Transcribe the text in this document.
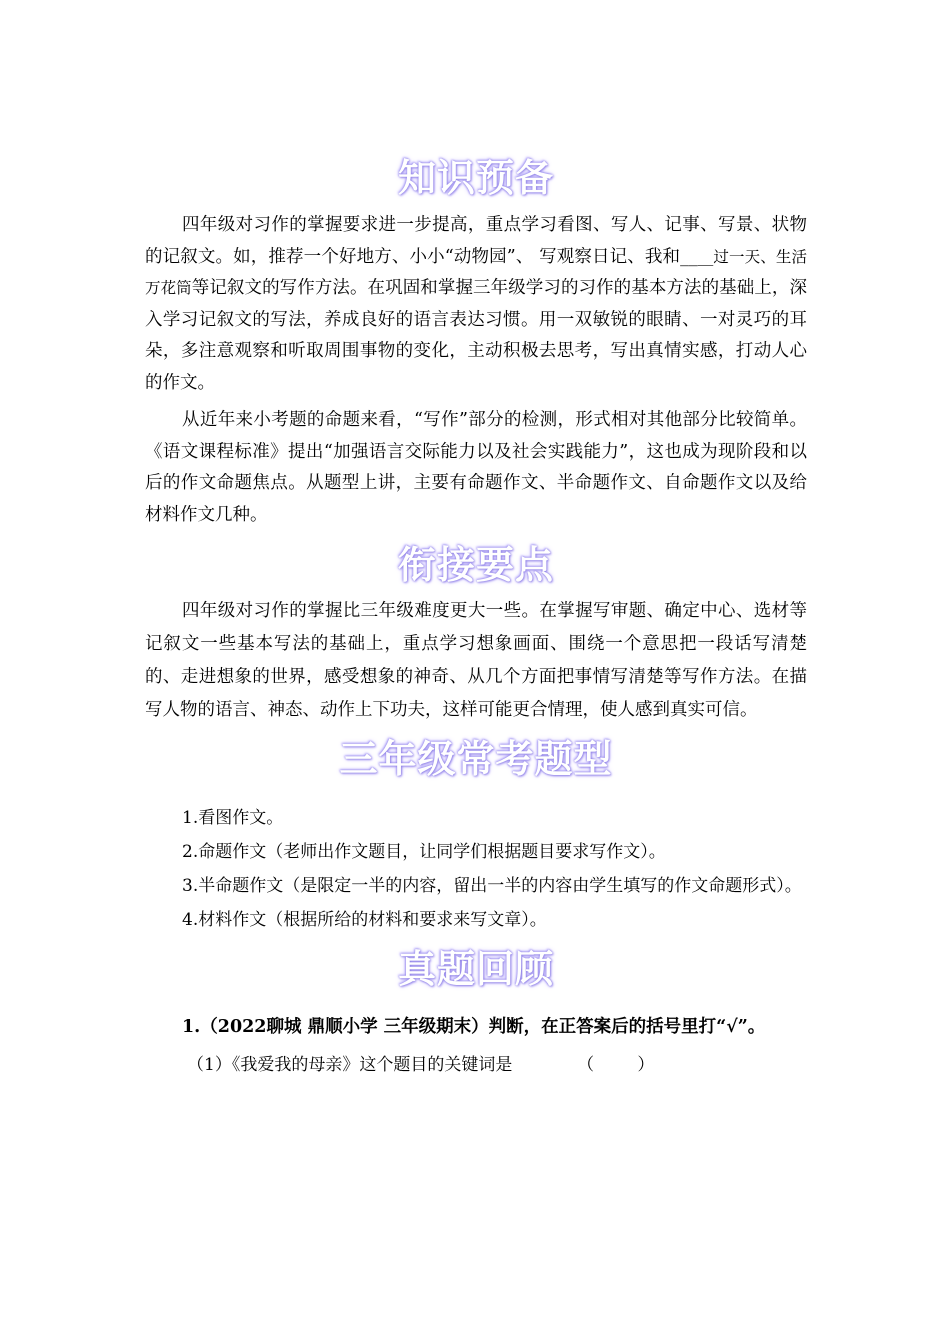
知识预备

四年级对习作的掌握要求进一步提高，重点学习看图、写人、记事、写景、状物的记叙文。如，推荐一个好地方、小小“动物园”、 写观察日记、我和____过一天、生活万花筒等记叙文的写作方法。在巩固和掌握三年级学习的习作的基本方法的基础上，深入学习记叙文的写法，养成良好的语言表达习惯。用一双敏锐的眼睛、一对灵巧的耳朵，多注意观察和听取周围事物的变化，主动积极去思考，写出真情实感，打动人心的作文。

从近年来小考题的命题来看，“写作”部分的检测，形式相对其他部分比较简单。《语文课程标准》提出“加强语言交际能力以及社会实践能力”，这也成为现阶段和以后的作文命题焦点。从题型上讲，主要有命题作文、半命题作文、自命题作文以及给材料作文几种。

衔接要点

四年级对习作的掌握比三年级难度更大一些。在掌握写审题、确定中心、选材等记叙文一些基本写法的基础上，重点学习想象画面、围绕一个意思把一段话写清楚的、走进想象的世界，感受想象的神奇、从几个方面把事情写清楚等写作方法。在描写人物的语言、神态、动作上下功夫，这样可能更合情理，使人感到真实可信。

三年级常考题型

1.看图作文。

2.命题作文（老师出作文题目，让同学们根据题目要求写作文）。

3.半命题作文（是限定一半的内容，留出一半的内容由学生填写的作文命题形式）。

4.材料作文（根据所给的材料和要求来写文章）。

真题回顾

1.（2022聊城 鼎顺小学 三年级期末）判断，在正答案后的括号里打“√”。

（1）《我爱我的母亲》这个题目的关键词是            （        ）
